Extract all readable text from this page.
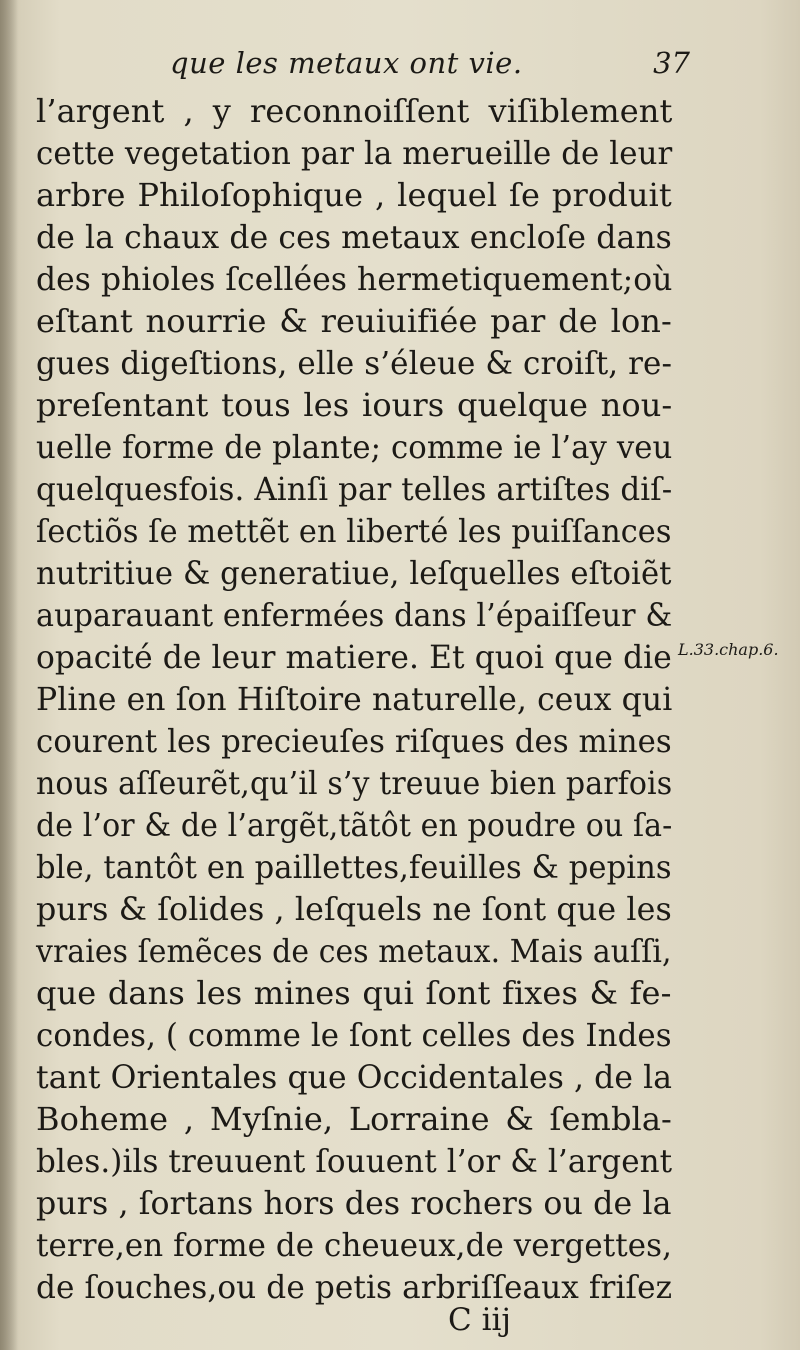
que les metaux ont vie.	37
l’argent , y reconnoiſſent viſiblement
cette vegetation par la merueille de leur
arbre Philoſophique , lequel ſe produit
de la chaux de ces metaux encloſe dans
des phioles ſcellées hermetiquement;où
eſtant nourrie & reuiuifiée par de lon-
gues digeſtions, elle s’éleue & croiſt, re-
preſentant tous les iours quelque nou-
uelle forme de plante; comme ie l’ay veu
quelquesfois. Ainſi par telles artiſtes diſ-
ſectiõs ſe mettẽt en liberté les puiſſances
nutritiue & generatiue, leſquelles eſtoiẽt
auparauant enfermées dans l’épaiſſeur &
opacité de leur matiere. Et quoi que die
Pline en ſon Hiſtoire naturelle, ceux qui
courent les precieuſes riſques des mines
nous aſſeurẽt,qu’il s’y treuue bien parfois
de l’or & de l’argẽt,tãtôt en poudre ou ſa-
ble, tantôt en paillettes,feuilles & pepins
purs & ſolides , leſquels ne ſont que les
vraies ſemẽces de ces metaux. Mais auſſi,
que dans les mines qui ſont fixes & fe-
condes, ( comme le ſont celles des Indes
tant Orientales que Occidentales , de la
Boheme , Myſnie, Lorraine & ſembla-
bles.)ils treuuent ſouuent l’or & l’argent
purs , ſortans hors des rochers ou de la
terre,en forme de cheueux,de vergettes,
de ſouches,ou de petis arbriſſeaux friſez
L.33.chap.6.
C iij
